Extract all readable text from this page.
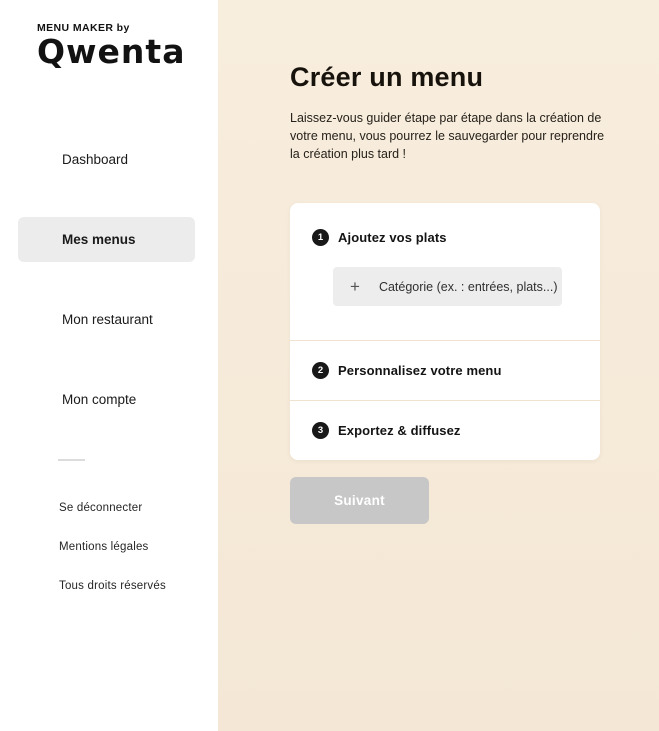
MENU MAKER by
Qwenta
Dashboard
Mes menus
Mon restaurant
Mon compte
Se déconnecter
Mentions légales
Tous droits réservés
Créer un menu

Laissez-vous guider étape par étape dans la création de votre menu, vous pourrez le sauvegarder pour reprendre la création plus tard !

1	Ajoutez vos plats
+ Catégorie (ex. : entrées, plats...)
2	Personnalisez votre menu
3	Exportez & diffusez
Suivant
